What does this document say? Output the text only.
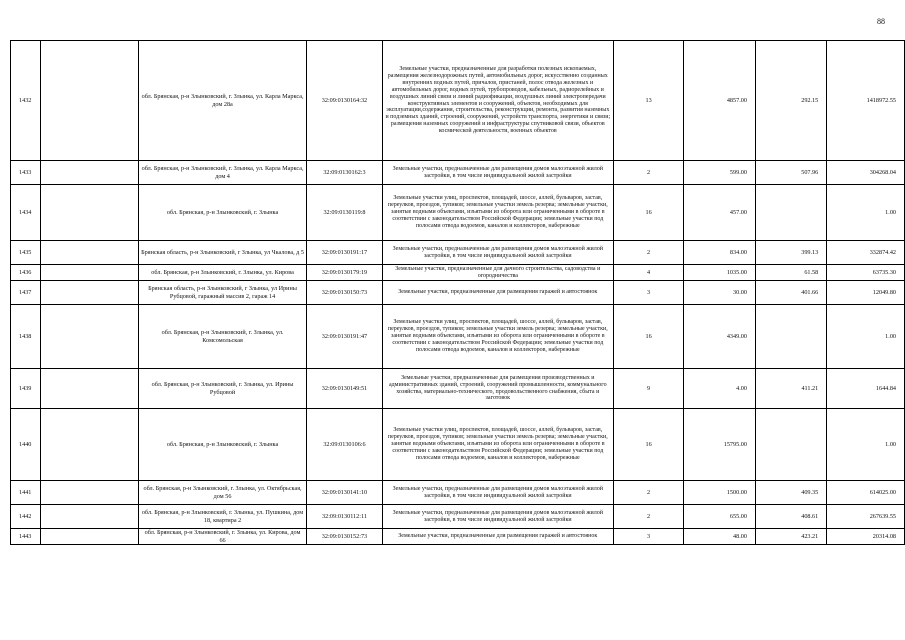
88
1432		обл. Брянская, р-н Злынковский, г. Злынка, ул. Карла Маркса, дом 28а	32:09:0130164:32	Земельные участки, предназначенные для разработки полезных ископаемых, размещения железнодорожных путей, автомобильных дорог, искусственно созданных внутренних водных путей, причалов, пристаней, полос отвода железных и автомобильных дорог, водных путей, трубопроводов, кабельных, радиорелейных и воздушных линий связи и линий радиофикации, воздушных линий электропередачи конструктивных элементов и сооружений, объектов, необходимых для эксплуатации,содержания, строительства, реконструкции, ремонта, развития наземных и подземных зданий, строений, сооружений, устройств транспорта, энергетики и связи; размещения наземных сооружений и инфраструктуры спутниковой связи, объектов космической деятельности, военных объектов	13	4857.00	292.15	1418972.55
1433		обл. Брянская, р-н Злынковский, г. Злынка, ул. Карла Маркса, дом 4	32:09:0130162:3	Земельные участки, предназначенные для размещения домов малоэтажной жилой застройки, в том числе индивидуальной жилой застройки	2	599.00	507.96	304268.04
1434		обл. Брянская, р-н Злынковский, г. Злынка	32:09:0130119:8	Земельные участки улиц, проспектов, площадей, шоссе, аллей, бульваров, застав, переулков, проездов, тупиков; земельные участки земель резерва; земельные участки, занятые водными объектами, изъятыми из оборота или ограниченными в обороте в соответствии с законодательством Российской Федерации; земельные участки под полосами отвода водоемов, каналов и коллекторов, набережные	16	457.00		1.00
1435		Брянская область, р-н Злынковский, г Злынка, ул Чкалова, д 5	32:09:0130191:17	Земельные участки, предназначенные для размещения домов малоэтажной жилой застройки, в том числе индивидуальной жилой застройки	2	834.00	399.13	332874.42
1436		обл. Брянская, р-н Злынковский, г. Злынка, ул. Кирова	32:09:0130179:19	Земельные участки, предназначенные для дачного строительства, садоводства и огородничества	4	1035.00	61.58	63735.30
1437		Брянская область, р-н Злынковский, г Злынка, ул Ирины Рубцовой, гаражный массив 2, гараж 14	32:09:0130150:73	Земельные участки, предназначенные для размещения гаражей и автостоянок	3	30.00	401.66	12049.80
1438		обл. Брянская, р-н Злынковский, г. Злынка, ул. Комсомольская	32:09:0130191:47	Земельные участки улиц, проспектов, площадей, шоссе, аллей, бульваров, застав, переулков, проездов, тупиков; земельные участки земель резерва; земельные участки, занятые водными объектами, изъятыми из оборота или ограниченными в обороте в соответствии с законодательством Российской Федерации; земельные участки под полосами отвода водоемов, каналов и коллекторов, набережные	16	4349.00		1.00
1439		обл. Брянская, р-н Злынковский, г. Злынка, ул. Ирины Рубцовой	32:09:0130149:51	Земельные участки, предназначенные для размещения производственных и административных зданий, строений, сооружений промышленности, коммунального хозяйства, материально-технического, продовольственного снабжения, сбыта и заготовок	9	4.00	411.21	1644.84
1440		обл. Брянская, р-н Злынковский, г. Злынка	32:09:0130106:6	Земельные участки улиц, проспектов, площадей, шоссе, аллей, бульваров, застав, переулков, проездов, тупиков; земельные участки земель резерва; земельные участки, занятые водными объектами, изъятыми из оборота или ограниченными в обороте в соответствии с законодательством Российской Федерации; земельные участки под полосами отвода водоемов, каналов и коллекторов, набережные	16	15795.00		1.00
1441		обл. Брянская, р-н Злынковский, г. Злынка, ул. Октябрьская, дом 56	32:09:0130141:10	Земельные участки, предназначенные для размещения домов малоэтажной жилой застройки, в том числе индивидуальной жилой застройки	2	1500.00	409.35	614025.00
1442		обл. Брянская, р-н Злынковский, г. Злынка, ул. Пушкина, дом 18, квартира 2	32:09:0130112:11	Земельные участки, предназначенные для размещения домов малоэтажной жилой застройки, в том числе индивидуальной жилой застройки	2	655.00	408.61	267639.55
1443		обл. Брянская, р-н Злынковский, г. Злынка, ул. Кирова, дом 66	32:09:0130152:73	Земельные участки, предназначенные для размещения гаражей и автостоянок	3	48.00	423.21	20314.08
